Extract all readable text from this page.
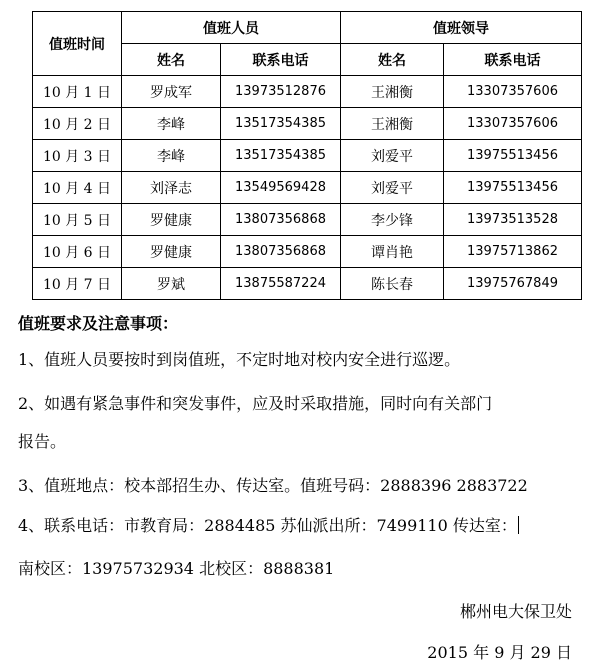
值班时间	值班人员		值班领导	
	姓名	联系电话	姓名	联系电话
10 月 1 日	罗成军	13973512876	王湘衡	13307357606
10 月 2 日	李峰	13517354385	王湘衡	13307357606
10 月 3 日	李峰	13517354385	刘爱平	13975513456
10 月 4 日	刘泽志	13549569428	刘爱平	13975513456
10 月 5 日	罗健康	13807356868	李少锋	13973513528
10 月 6 日	罗健康	13807356868	谭肖艳	13975713862
10 月 7 日	罗斌	13875587224	陈长春	13975767849
值班要求及注意事项：
1、值班人员要按时到岗值班，不定时地对校内安全进行巡逻。
2、如遇有紧急事件和突发事件，应及时采取措施，同时向有关部门
报告。
3、值班地点：校本部招生办、传达室。值班号码：2888396 2883722
4、联系电话：市教育局：2884485 苏仙派出所：7499110 传达室：
南校区：13975732934 北校区：8888381
郴州电大保卫处
2015 年 9 月 29 日
